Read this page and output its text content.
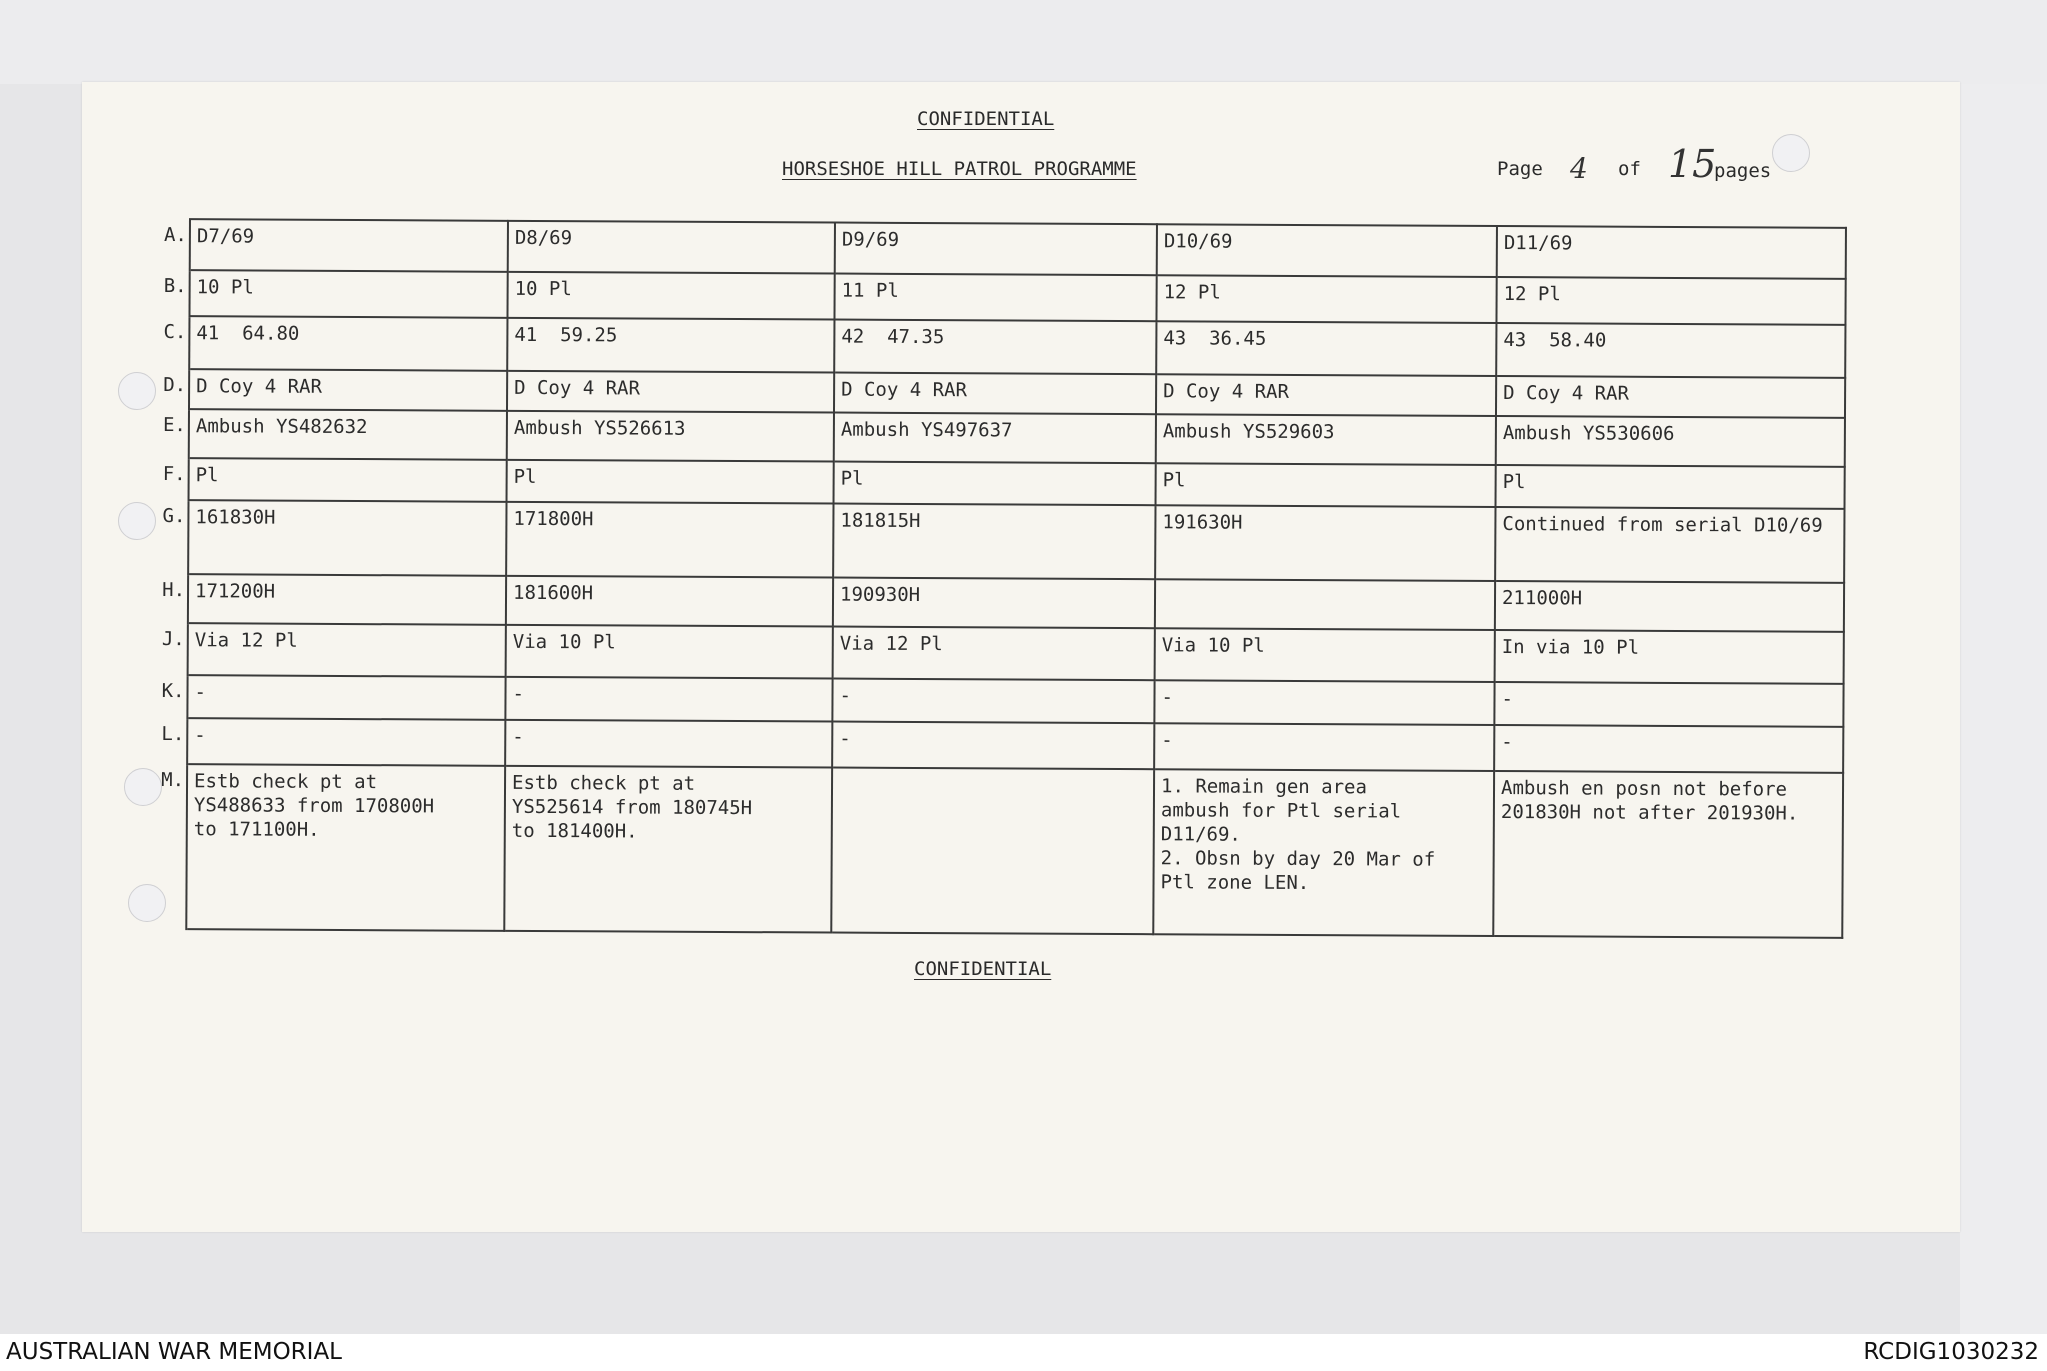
CONFIDENTIAL
HORSESHOE HILL PATROL PROGRAMME	Page 4 of 15
pages
A.	D7/69	D8/69	D9/69	D10/69	D11/69
B.	10 Pl	10 Pl	11 Pl	12 Pl	12 Pl
C.	41  64.80	41  59.25	42  47.35	43  36.45	43  58.40
D.	D Coy 4 RAR	D Coy 4 RAR	D Coy 4 RAR	D Coy 4 RAR	D Coy 4 RAR
E.	Ambush YS482632	Ambush YS526613	Ambush YS497637	Ambush YS529603	Ambush YS530606
F.	Pl	Pl	Pl	Pl	Pl
G.	161830H	171800H	181815H	191630H	Continued from serial D10/69
H.	171200H	181600H	190930H		211000H
J.	Via 12 Pl	Via 10 Pl	Via 12 Pl	Via 10 Pl	In via 10 Pl
K.	-	-	-	-	-
L.	-	-	-	-	-
M.	Estb check pt at
YS488633 from 170800H
to 171100H.	Estb check pt at
YS525614 from 180745H
to 181400H.		1. Remain gen area
ambush for Ptl serial
D11/69.
2. Obsn by day 20 Mar of
Ptl zone LEN.	Ambush en posn not before
201830H not after 201930H.
CONFIDENTIAL
AUSTRALIAN WAR MEMORIAL	RCDIG1030232
